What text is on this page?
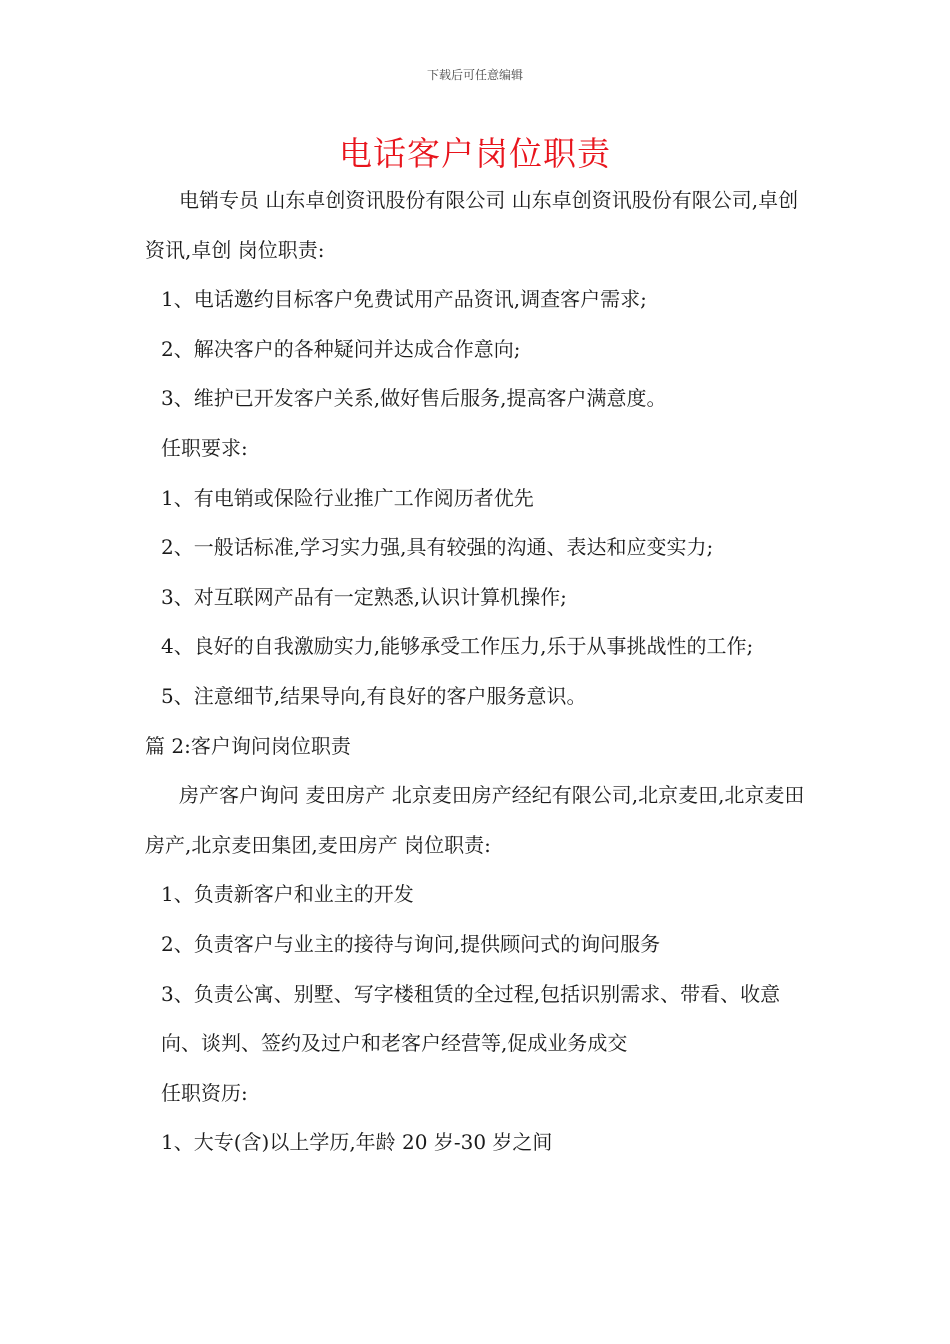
下载后可任意编辑
电话客户岗位职责

电销专员 山东卓创资讯股份有限公司 山东卓创资讯股份有限公司,卓创资讯,卓创 岗位职责:

1、电话邀约目标客户免费试用产品资讯,调查客户需求;

2、解决客户的各种疑问并达成合作意向;

3、维护已开发客户关系,做好售后服务,提高客户满意度。

任职要求:

1、有电销或保险行业推广工作阅历者优先

2、一般话标准,学习实力强,具有较强的沟通、表达和应变实力;

3、对互联网产品有一定熟悉,认识计算机操作;

4、良好的自我激励实力,能够承受工作压力,乐于从事挑战性的工作;

5、注意细节,结果导向,有良好的客户服务意识。

篇 2:客户询问岗位职责

房产客户询问 麦田房产 北京麦田房产经纪有限公司,北京麦田,北京麦田房产,北京麦田集团,麦田房产 岗位职责:

1、负责新客户和业主的开发

2、负责客户与业主的接待与询问,提供顾问式的询问服务

3、负责公寓、别墅、写字楼租赁的全过程,包括识别需求、带看、收意向、谈判、签约及过户和老客户经营等,促成业务成交

任职资历:

1、大专(含)以上学历,年龄 20 岁-30 岁之间
